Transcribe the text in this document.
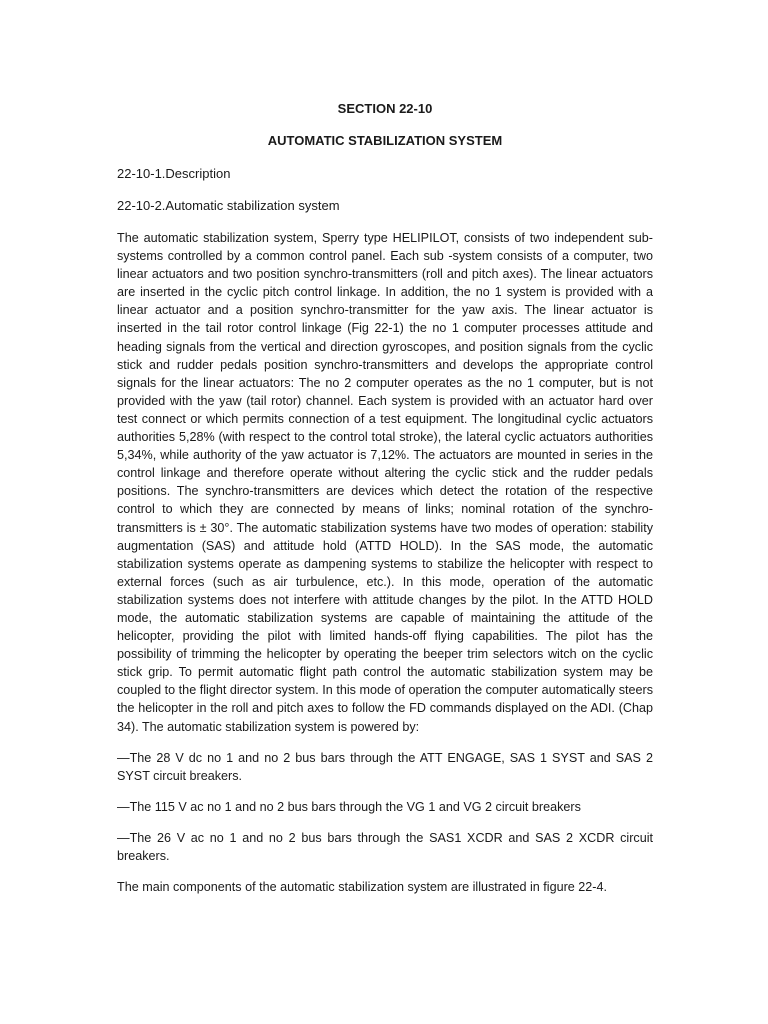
SECTION 22-10

AUTOMATIC STABILIZATION SYSTEM

22-10-1.Description

22-10-2.Automatic stabilization system

The automatic stabilization system, Sperry type HELIPILOT, consists of two independent sub-systems controlled by a common control panel. Each sub -system consists of a computer, two linear actuators and two position synchro-transmitters (roll and pitch axes). The linear actuators are inserted in the cyclic pitch control linkage. In addition, the no 1 system is provided with a linear actuator and a position synchro-transmitter for the yaw axis. The linear actuator is inserted in the tail rotor control linkage (Fig 22-1) the no 1 computer processes attitude and heading signals from the vertical and direction gyroscopes, and position signals from the cyclic stick and rudder pedals position synchro-transmitters and develops the appropriate control signals for the linear actuators: The no 2 computer operates as the no 1 computer, but is not provided with the yaw (tail rotor) channel. Each system is provided with an actuator hard over test connect or which permits connection of a test equipment. The longitudinal cyclic actuators authorities 5,28% (with respect to the control total stroke), the lateral cyclic actuators authorities 5,34%, while authority of the yaw actuator is 7,12%. The actuators are mounted in series in the control linkage and therefore operate without altering the cyclic stick and the rudder pedals positions. The synchro-transmitters are devices which detect the rotation of the respective control to which they are connected by means of links; nominal rotation of the synchro-transmitters is ± 30°. The automatic stabilization systems have two modes of operation: stability augmentation (SAS) and attitude hold (ATTD HOLD). In the SAS mode, the automatic stabilization systems operate as dampening systems to stabilize the helicopter with respect to external forces (such as air turbulence, etc.). In this mode, operation of the automatic stabilization systems does not interfere with attitude changes by the pilot. In the ATTD HOLD mode, the automatic stabilization systems are capable of maintaining the attitude of the helicopter, providing the pilot with limited hands-off flying capabilities. The pilot has the possibility of trimming the helicopter by operating the beeper trim selectors witch on the cyclic stick grip. To permit automatic flight path control the automatic stabilization system may be coupled to the flight director system. In this mode of operation the computer automatically steers the helicopter in the roll and pitch axes to follow the FD commands displayed on the ADI. (Chap 34). The automatic stabilization system is powered by:

—The 28 V dc no 1 and no 2 bus bars through the ATT ENGAGE, SAS 1 SYST and SAS 2 SYST circuit breakers.

—The 115 V ac no 1 and no 2 bus bars through the VG 1 and VG 2 circuit breakers

—The 26 V ac no 1 and no 2 bus bars through the SAS1 XCDR and SAS 2 XCDR circuit breakers.

The main components of the automatic stabilization system are illustrated in figure 22-4.
